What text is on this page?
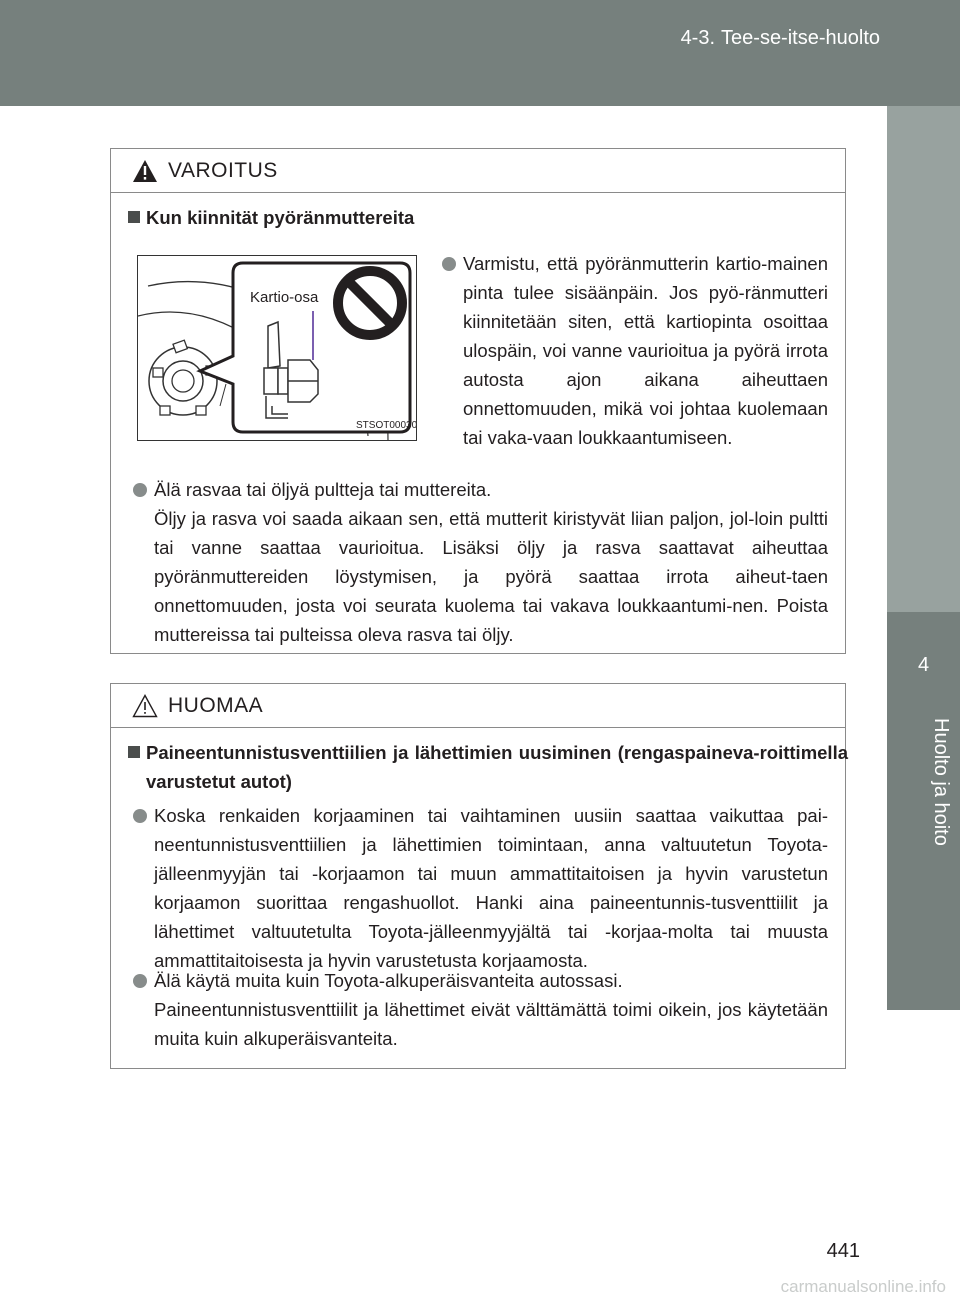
4-3. Tee-se-itse-huolto
4
Huolto ja hoito
VAROITUS
Kun kiinnität pyöränmuttereita
Kartio-osa
STSOT00030

Varmistu, että pyöränmutterin kartio-mainen pinta tulee sisäänpäin. Jos pyö-ränmutteri kiinnitetään siten, että kartiopinta osoittaa ulospäin, voi vanne vaurioitua ja pyörä irrota autosta ajon aikana aiheuttaen onnettomuuden, mikä voi johtaa kuolemaan tai vaka-vaan loukkaantumiseen.

Älä rasvaa tai öljyä pultteja tai muttereita.

Öljy ja rasva voi saada aikaan sen, että mutterit kiristyvät liian paljon, jol-loin pultti tai vanne saattaa vaurioitua. Lisäksi öljy ja rasva saattavat aiheuttaa pyöränmuttereiden löystymisen, ja pyörä saattaa irrota aiheut-taen onnettomuuden, josta voi seurata kuolema tai vakava loukkaantumi-nen. Poista muttereissa tai pulteissa oleva rasva tai öljy.

HUOMAA
Paineentunnistusventtiilien ja lähettimien uusiminen (rengaspaineva-roittimella varustetut autot)

Koska renkaiden korjaaminen tai vaihtaminen uusiin saattaa vaikuttaa pai-neentunnistusventtiilien ja lähettimien toimintaan, anna valtuutetun Toyota-jälleenmyyjän tai -korjaamon tai muun ammattitaitoisen ja hyvin varustetun korjaamon suorittaa rengashuollot. Hanki aina paineentunnis-tusventtiilit ja lähettimet valtuutetulta Toyota-jälleenmyyjältä tai -korjaa-molta tai muusta ammattitaitoisesta ja hyvin varustetusta korjaamosta.

Älä käytä muita kuin Toyota-alkuperäisvanteita autossasi.

Paineentunnistusventtiilit ja lähettimet eivät välttämättä toimi oikein, jos käytetään muita kuin alkuperäisvanteita.

441
carmanualsonline.info
